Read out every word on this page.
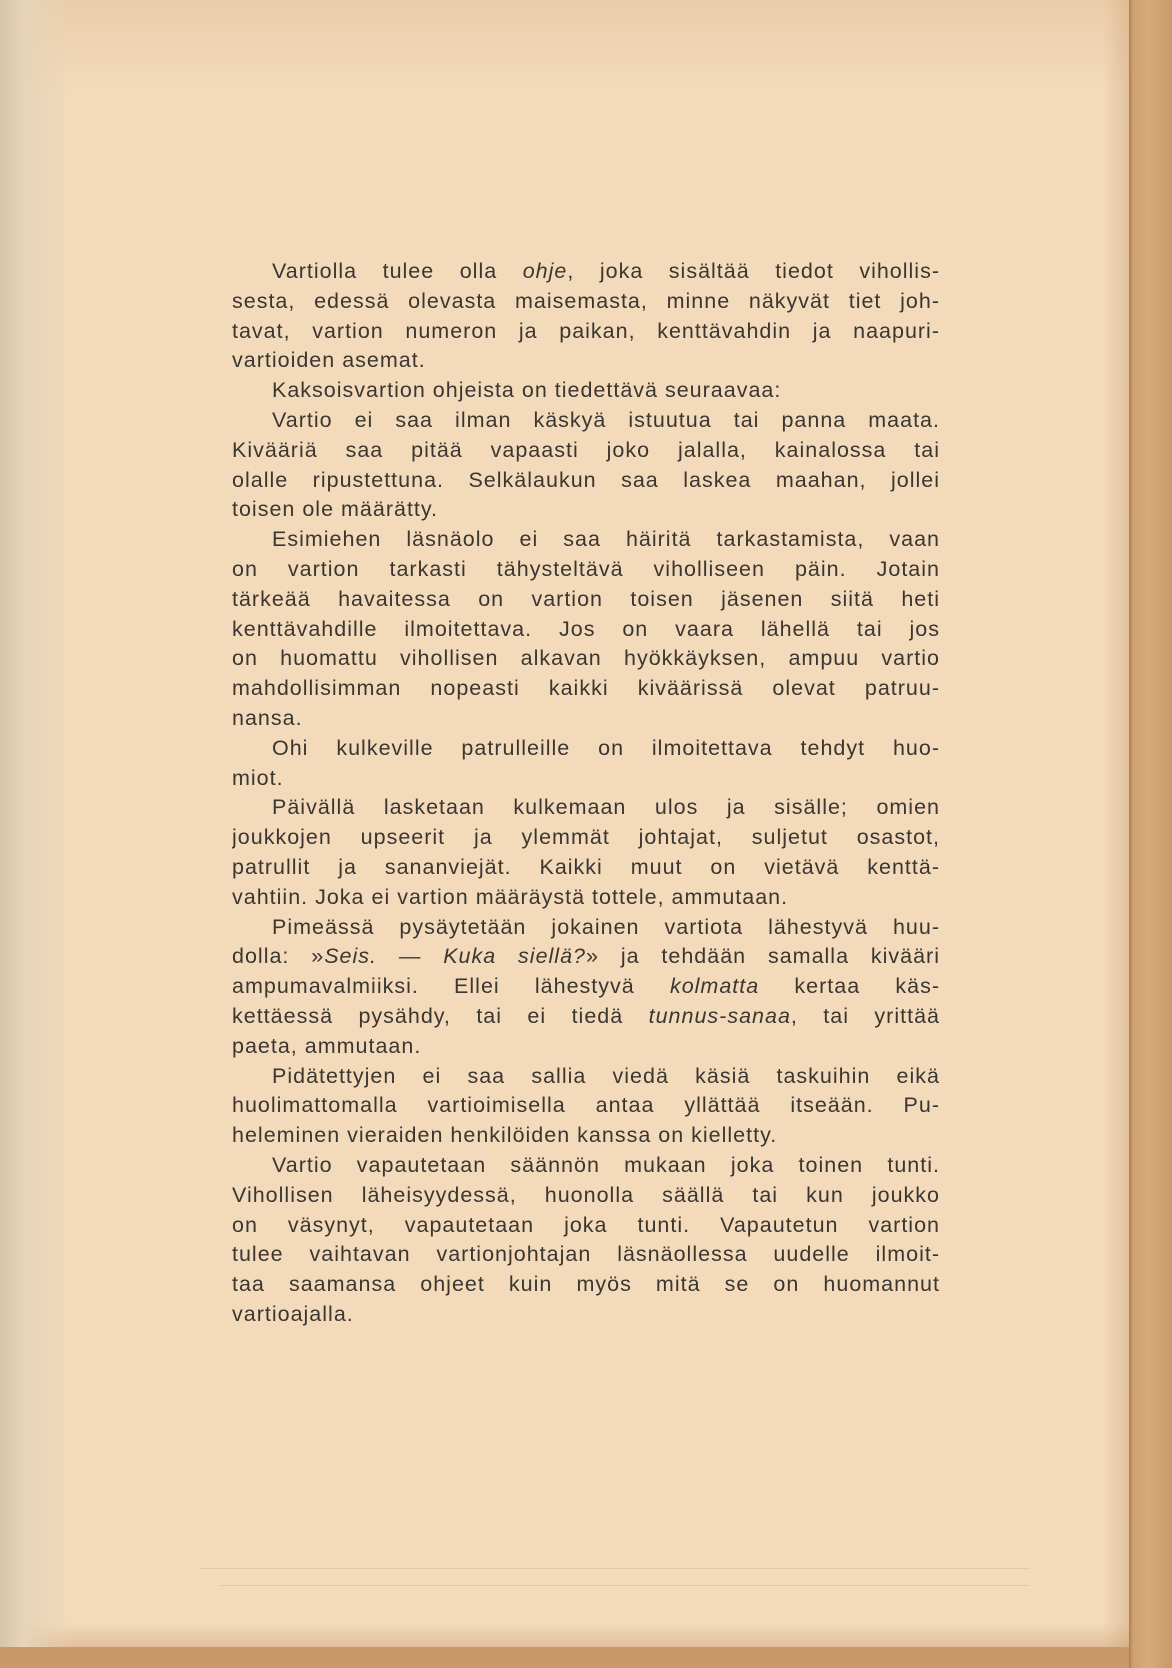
Vartiolla tulee olla ohje, joka sisältää tiedot vihollis-
sesta, edessä olevasta maisemasta, minne näkyvät tiet joh-
tavat, vartion numeron ja paikan, kenttävahdin ja naapuri-
vartioiden asemat.
Kaksoisvartion ohjeista on tiedettävä seuraavaa:
Vartio ei saa ilman käskyä istuutua tai panna maata.
Kivääriä saa pitää vapaasti joko jalalla, kainalossa tai
olalle ripustettuna. Selkälaukun saa laskea maahan, jollei
toisen ole määrätty.
Esimiehen läsnäolo ei saa häiritä tarkastamista, vaan
on vartion tarkasti tähysteltävä viholliseen päin. Jotain
tärkeää havaitessa on vartion toisen jäsenen siitä heti
kenttävahdille ilmoitettava. Jos on vaara lähellä tai jos
on huomattu vihollisen alkavan hyökkäyksen, ampuu vartio
mahdollisimman nopeasti kaikki kiväärissä olevat patruu-
nansa.
Ohi kulkeville patrulleille on ilmoitettava tehdyt huo-
miot.
Päivällä lasketaan kulkemaan ulos ja sisälle; omien
joukkojen upseerit ja ylemmät johtajat, suljetut osastot,
patrullit ja sananviejät. Kaikki muut on vietävä kenttä-
vahtiin. Joka ei vartion määräystä tottele, ammutaan.
Pimeässä pysäytetään jokainen vartiota lähestyvä huu-
dolla: »Seis. — Kuka siellä?» ja tehdään samalla kivääri
ampumavalmiiksi. Ellei lähestyvä kolmatta kertaa käs-
kettäessä pysähdy, tai ei tiedä tunnus-sanaa, tai yrittää
paeta, ammutaan.
Pidätettyjen ei saa sallia viedä käsiä taskuihin eikä
huolimattomalla vartioimisella antaa yllättää itseään. Pu-
heleminen vieraiden henkilöiden kanssa on kielletty.
Vartio vapautetaan säännön mukaan joka toinen tunti.
Vihollisen läheisyydessä, huonolla säällä tai kun joukko
on väsynyt, vapautetaan joka tunti. Vapautetun vartion
tulee vaihtavan vartionjohtajan läsnäollessa uudelle ilmoit-
taa saamansa ohjeet kuin myös mitä se on huomannut
vartioajalla.
